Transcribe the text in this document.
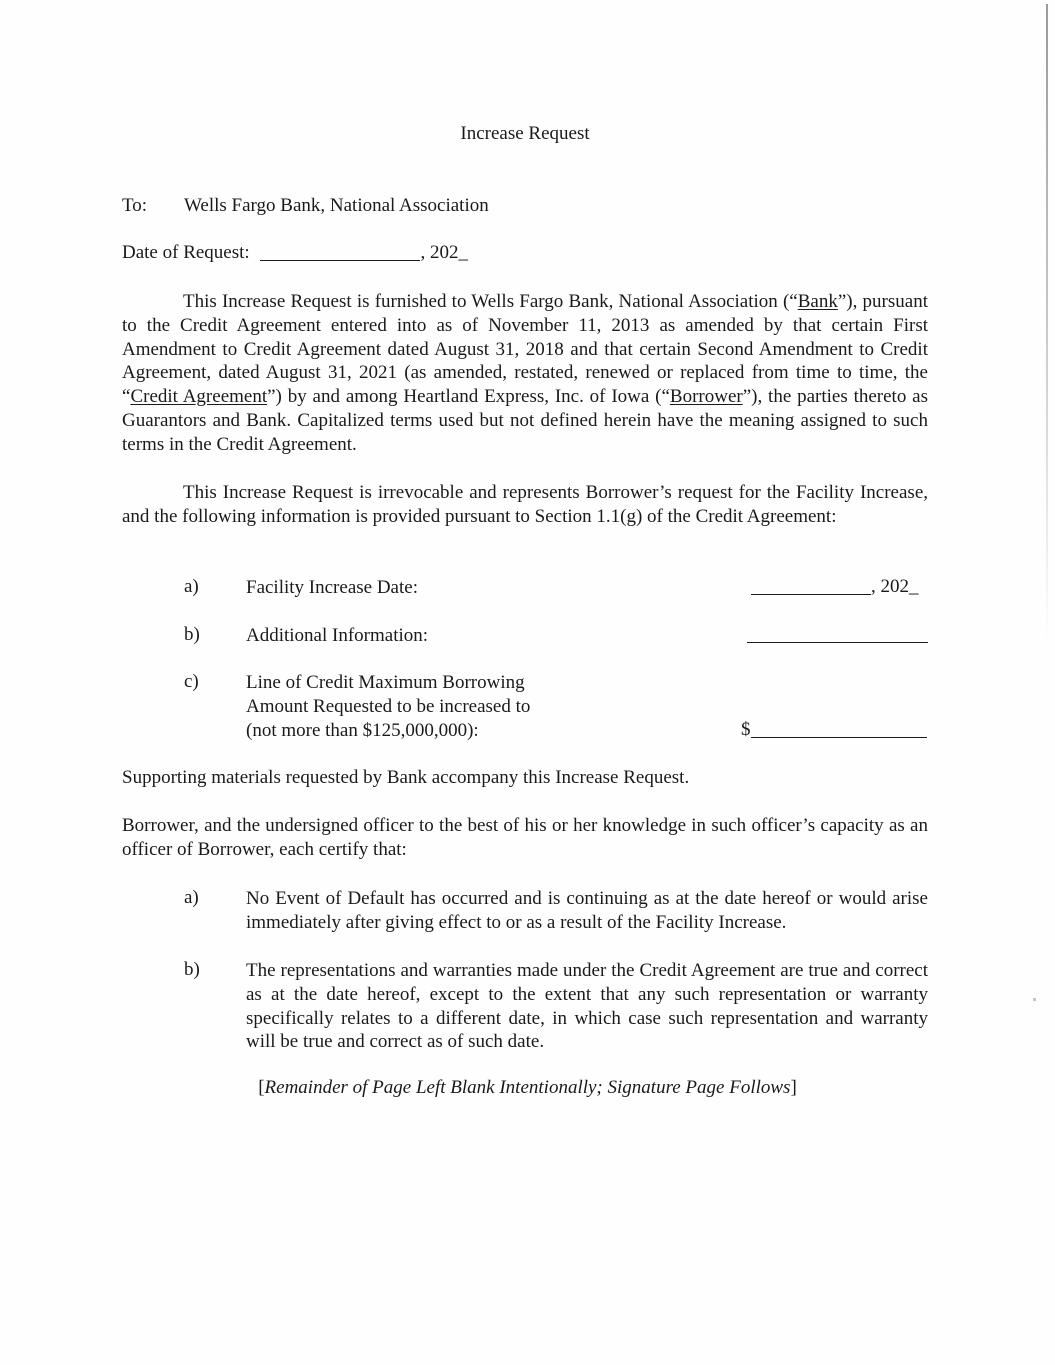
Increase Request
To: Wells Fargo Bank, National Association
Date of Request:	, 202_
This Increase Request is furnished to Wells Fargo Bank, National Association (“Bank”), pursuant to the Credit Agreement entered into as of November 11, 2013 as amended by that certain First Amendment to Credit Agreement dated August 31, 2018 and that certain Second Amendment to Credit Agreement, dated August 31, 2021 (as amended, restated, renewed or replaced from time to time, the “Credit Agreement”) by and among Heartland Express, Inc. of Iowa (“Borrower”), the parties thereto as Guarantors and Bank. Capitalized terms used but not defined herein have the meaning assigned to such terms in the Credit Agreement.
This Increase Request is irrevocable and represents Borrower’s request for the Facility Increase, and the following information is provided pursuant to Section 1.1(g) of the Credit Agreement:
a) Facility Increase Date:	, 202_
b) Additional Information:
c) Line of Credit Maximum Borrowing
Amount Requested to be increased to
(not more than $125,000,000):	$
Supporting materials requested by Bank accompany this Increase Request.
Borrower, and the undersigned officer to the best of his or her knowledge in such officer’s capacity as an officer of Borrower, each certify that:
a) No Event of Default has occurred and is continuing as at the date hereof or would arise immediately after giving effect to or as a result of the Facility Increase.
b) The representations and warranties made under the Credit Agreement are true and correct as at the date hereof, except to the extent that any such representation or warranty specifically relates to a different date, in which case such representation and warranty will be true and correct as of such date.
[Remainder of Page Left Blank Intentionally; Signature Page Follows]
